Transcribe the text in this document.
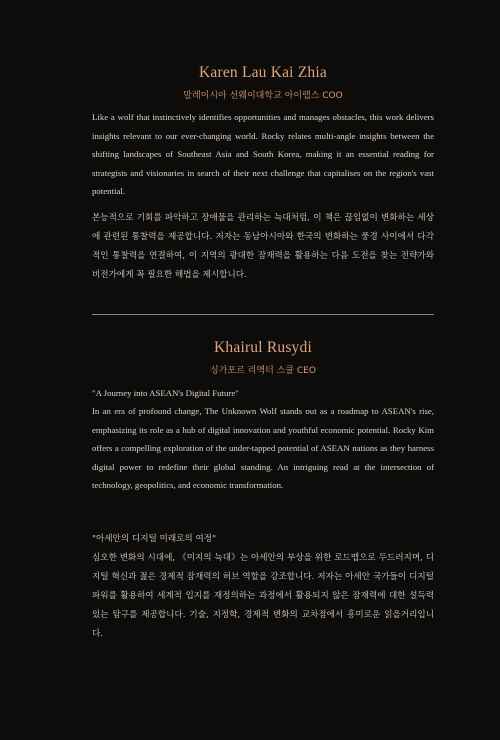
Karen Lau Kai Zhia
말레이시아 선웨이대학교 아이랩스 COO

Like a wolf that instinctively identifies opportunities and manages obstacles, this work delivers insights relevant to our ever-changing world. Rocky relates multi-angle insights between the shifting landscapes of Southeast Asia and South Korea, making it an essential reading for strategists and visionaries in search of their next challenge that capitalises on the region's vast potential.

본능적으로 기회를 파악하고 장애물을 관리하는 늑대처럼, 이 책은 끊임없이 변화하는 세상에 관련된 통찰력을 제공합니다. 저자는 동남아시아와 한국의 변화하는 풍경 사이에서 다각적인 통찰력을 연결하여, 이 지역의 광대한 잠재력을 활용하는 다음 도전을 찾는 전략가와 비전가에게 꼭 필요한 해법을 제시합니다.

Khairul Rusydi
싱가포르 리액터 스쿨 CEO

"A Journey into ASEAN's Digital Future"

In an era of profound change, The Unknown Wolf stands out as a roadmap to ASEAN's rise, emphasizing its role as a hub of digital innovation and youthful economic potential. Rocky Kim offers a compelling exploration of the under-tapped potential of ASEAN nations as they harness digital power to redefine their global standing. An intriguing read at the intersection of technology, geopolitics, and economic transformation.

"아세안의 디지털 미래로의 여정"

심오한 변화의 시대에, 《미지의 늑대》는 아세안의 부상을 위한 로드맵으로 두드러지며, 디지털 혁신과 젊은 경제적 잠재력의 허브 역할을 강조합니다. 저자는 아세안 국가들이 디지털 파워를 활용하여 세계적 입지를 재정의하는 과정에서 활용되지 않은 잠재력에 대한 설득력 있는 탐구를 제공합니다. 기술, 지정학, 경제적 변화의 교차점에서 흥미로운 읽을거리입니다.
